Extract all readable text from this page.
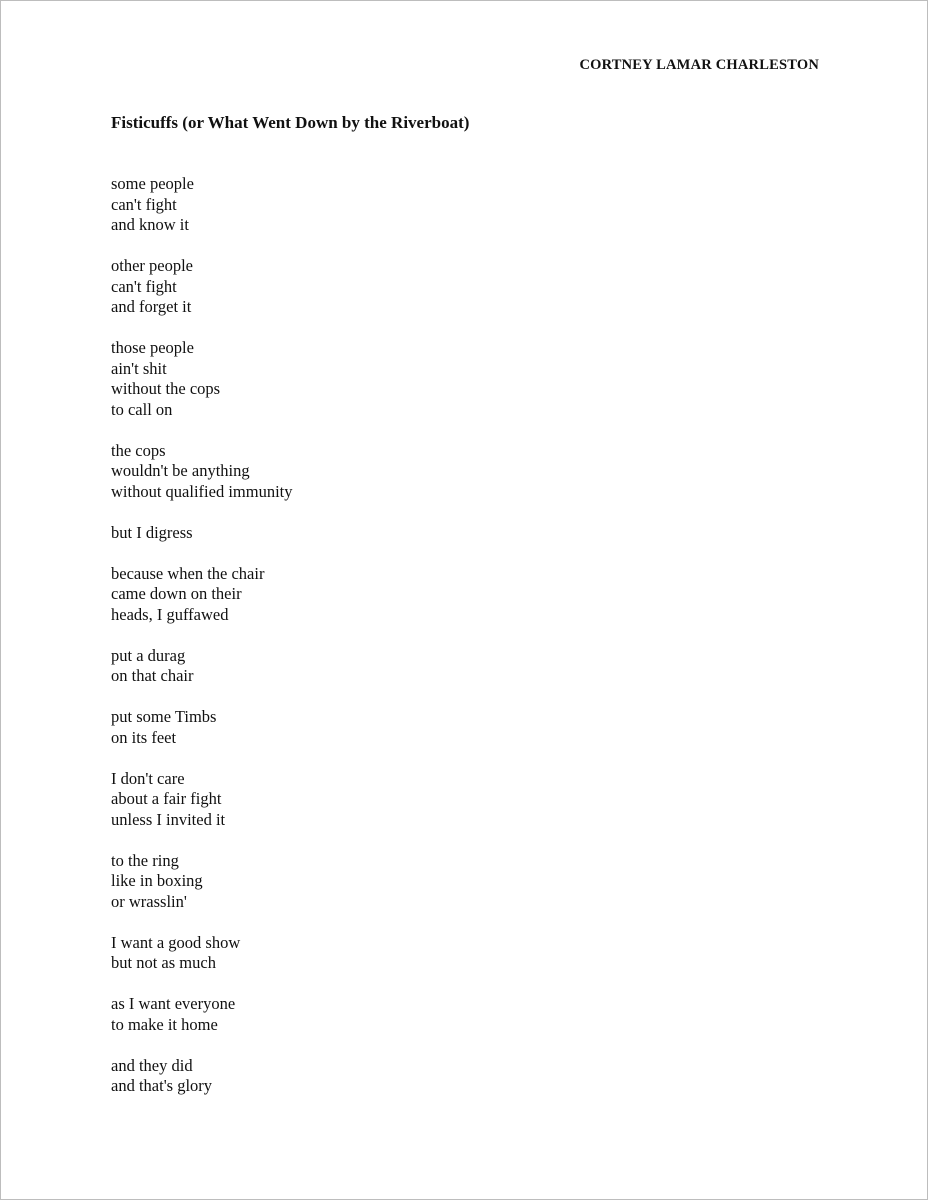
CORTNEY LAMAR CHARLESTON
Fisticuffs (or What Went Down by the Riverboat)
some people
can't fight
and know it
other people
can't fight
and forget it
those people
ain't shit
without the cops
to call on
the cops
wouldn't be anything
without qualified immunity
but I digress
because when the chair
came down on their
heads, I guffawed
put a durag
on that chair
put some Timbs
on its feet
I don't care
about a fair fight
unless I invited it
to the ring
like in boxing
or wrasslin'
I want a good show
but not as much
as I want everyone
to make it home
and they did
and that's glory
